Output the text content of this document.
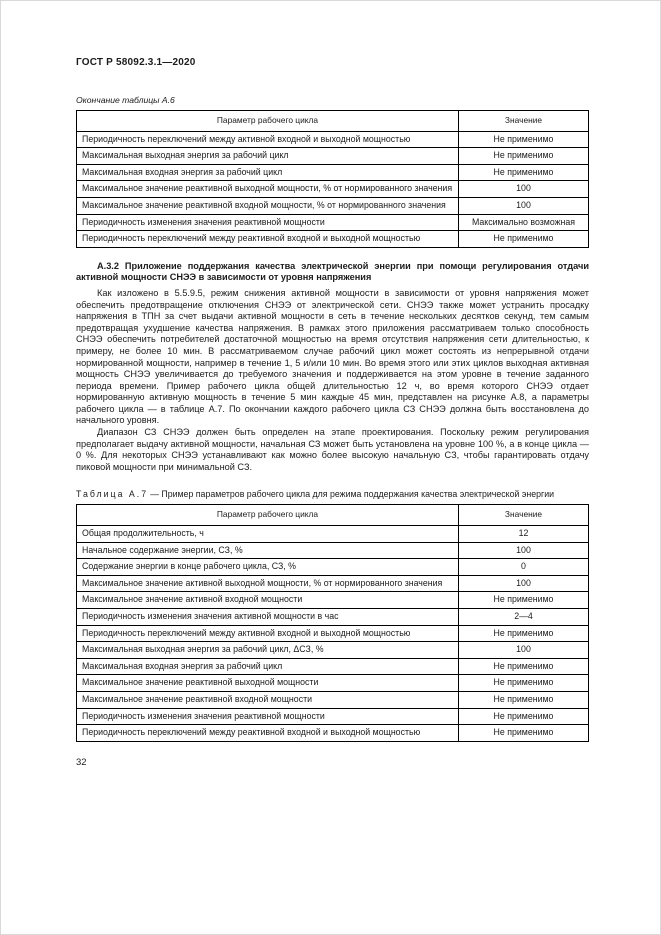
ГОСТ Р 58092.3.1—2020
Окончание таблицы А.6
Параметр рабочего цикла	Значение
Периодичность переключений между активной входной и выходной мощностью	Не применимо
Максимальная выходная энергия за рабочий цикл	Не применимо
Максимальная входная энергия за рабочий цикл	Не применимо
Максимальное значение реактивной выходной мощности, % от нормированного значения	100
Максимальное значение реактивной входной мощности, % от нормированного значения	100
Периодичность изменения значения реактивной мощности	Максимально возможная
Периодичность переключений между реактивной входной и выходной мощностью	Не применимо
А.3.2 Приложение поддержания качества электрической энергии при помощи регулирования отдачи активной мощности СНЭЭ в зависимости от уровня напряжения

Как изложено в 5.5.9.5, режим снижения активной мощности в зависимости от уровня напряжения может обеспечить предотвращение отключения СНЭЭ от электрической сети. СНЭЭ также может устранить просадку напряжения в ТПН за счет выдачи активной мощности в сеть в течение нескольких десятков секунд, тем самым предотвращая ухудшение качества напряжения. В рамках этого приложения рассматриваем только способность СНЭЭ обеспечить потребителей достаточной мощностью на время отсутствия напряжения сети длительностью, к примеру, не более 10 мин. В рассматриваемом случае рабочий цикл может состоять из непрерывной отдачи нормированной мощности, например в течение 1, 5 и/или 10 мин. Во время этого или этих циклов выходная активная мощность СНЭЭ увеличивается до требуемого значения и поддерживается на этом уровне в течение заданного периода времени. Пример рабочего цикла общей длительностью 12 ч, во время которого СНЭЭ отдает нормированную активную мощность в течение 5 мин каждые 45 мин, представлен на рисунке А.8, а параметры рабочего цикла — в таблице А.7. По окончании каждого рабочего цикла СЗ СНЭЭ должна быть восстановлена до начального уровня.

Диапазон СЗ СНЭЭ должен быть определен на этапе проектирования. Поскольку режим регулирования предполагает выдачу активной мощности, начальная СЗ может быть установлена на уровне 100 %, а в конце цикла — 0 %. Для некоторых СНЭЭ устанавливают как можно более высокую начальную СЗ, чтобы гарантировать отдачу пиковой мощности при минимальной СЗ.

Таблица А.7 — Пример параметров рабочего цикла для режима поддержания качества электрической энергии
Параметр рабочего цикла	Значение
Общая продолжительность, ч	12
Начальное содержание энергии, СЗ, %	100
Содержание энергии в конце рабочего цикла, СЗ, %	0
Максимальное значение активной выходной мощности, % от нормированного значения	100
Максимальное значение активной входной мощности	Не применимо
Периодичность изменения значения активной мощности в час	2—4
Периодичность переключений между активной входной и выходной мощностью	Не применимо
Максимальная выходная энергия за рабочий цикл, ΔСЗ, %	100
Максимальная входная энергия за рабочий цикл	Не применимо
Максимальное значение реактивной выходной мощности	Не применимо
Максимальное значение реактивной входной мощности	Не применимо
Периодичность изменения значения реактивной мощности	Не применимо
Периодичность переключений между реактивной входной и выходной мощностью	Не применимо
32
